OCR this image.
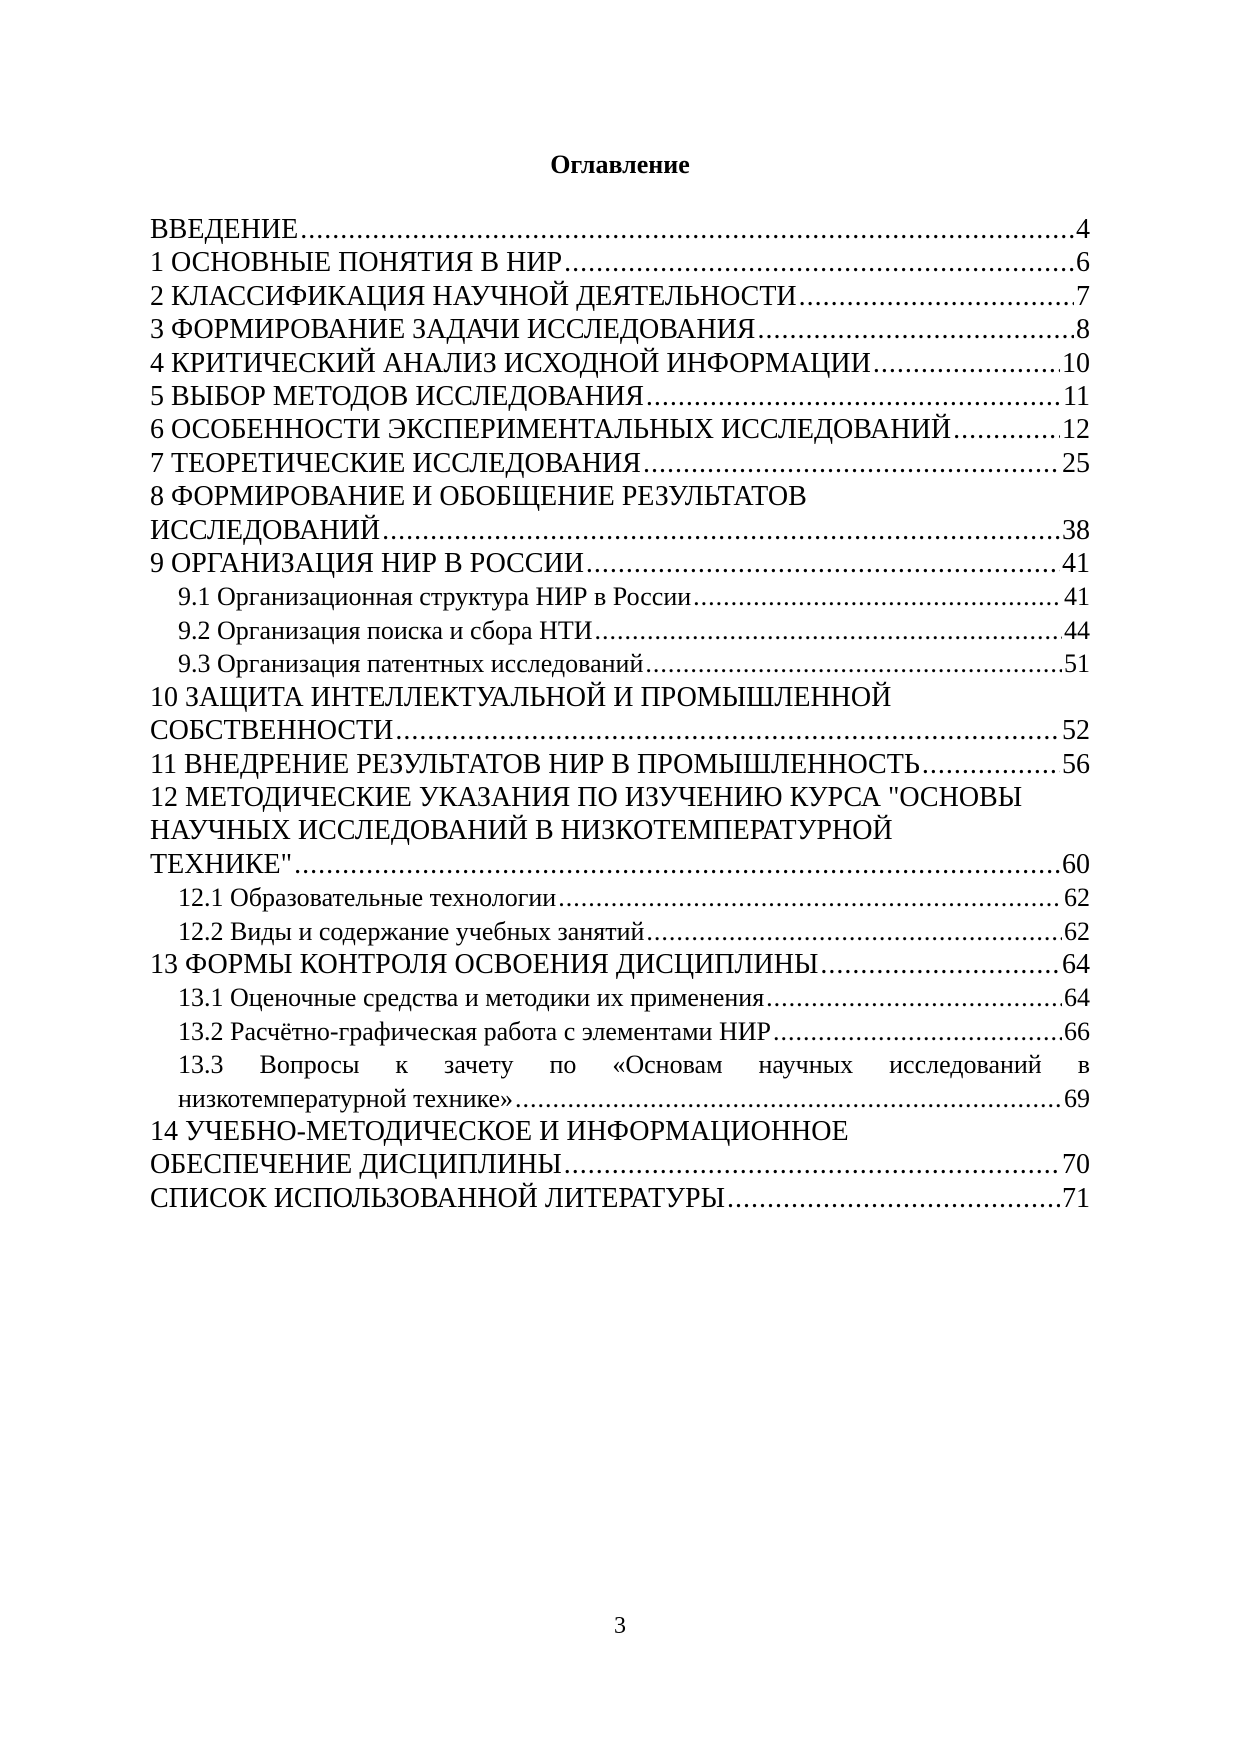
Оглавление
ВВЕДЕНИЕ .....	4
1 ОСНОВНЫЕ ПОНЯТИЯ В НИР .....	6
2 КЛАССИФИКАЦИЯ НАУЧНОЙ ДЕЯТЕЛЬНОСТИ .....	7
3 ФОРМИРОВАНИЕ ЗАДАЧИ ИССЛЕДОВАНИЯ .....	8
4 КРИТИЧЕСКИЙ АНАЛИЗ ИСХОДНОЙ ИНФОРМАЦИИ .....	10
5 ВЫБОР МЕТОДОВ ИССЛЕДОВАНИЯ .....	11
6 ОСОБЕННОСТИ ЭКСПЕРИМЕНТАЛЬНЫХ ИССЛЕДОВАНИЙ .....	12
7 ТЕОРЕТИЧЕСКИЕ ИССЛЕДОВАНИЯ .....	25
8 ФОРМИРОВАНИЕ И ОБОБЩЕНИЕ РЕЗУЛЬТАТОВ
ИССЛЕДОВАНИЙ .....	38
9 ОРГАНИЗАЦИЯ НИР В РОССИИ .....	41
9.1 Организационная структура НИР в России .....	41
9.2 Организация поиска и сбора НТИ .....	44
9.3 Организация патентных исследований .....	51
10 ЗАЩИТА ИНТЕЛЛЕКТУАЛЬНОЙ И ПРОМЫШЛЕННОЙ
СОБСТВЕННОСТИ .....	52
11 ВНЕДРЕНИЕ РЕЗУЛЬТАТОВ НИР В ПРОМЫШЛЕННОСТЬ .....	56
12 МЕТОДИЧЕСКИЕ УКАЗАНИЯ ПО ИЗУЧЕНИЮ КУРСА "ОСНОВЫ
НАУЧНЫХ ИССЛЕДОВАНИЙ В НИЗКОТЕМПЕРАТУРНОЙ
ТЕХНИКЕ" .....	60
12.1 Образовательные технологии .....	62
12.2 Виды и содержание учебных занятий .....	62
13 ФОРМЫ КОНТРОЛЯ ОСВОЕНИЯ ДИСЦИПЛИНЫ .....	64
13.1 Оценочные средства и методики их применения .....	64
13.2 Расчётно-графическая работа с элементами НИР .....	66
13.3 Вопросы к зачету по «Основам научных исследований в
низкотемпературной технике» .....	69
14 УЧЕБНО-МЕТОДИЧЕСКОЕ И ИНФОРМАЦИОННОЕ
ОБЕСПЕЧЕНИЕ ДИСЦИПЛИНЫ .....	70
СПИСОК ИСПОЛЬЗОВАННОЙ ЛИТЕРАТУРЫ .....	71
3
